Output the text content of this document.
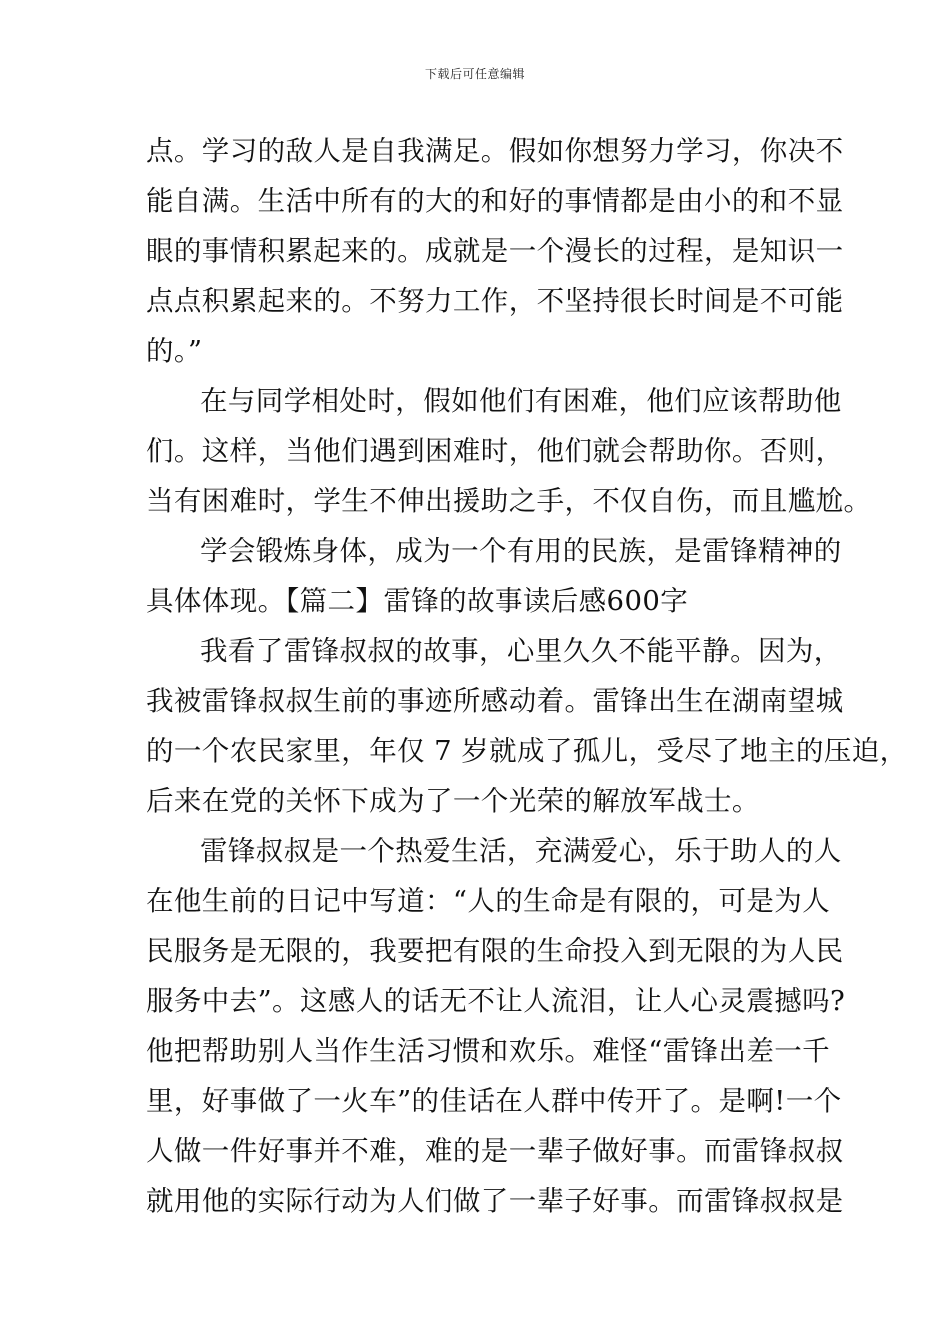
下载后可任意编辑
点。学习的敌人是自我满足。假如你想努力学习，你决不
能自满。生活中所有的大的和好的事情都是由小的和不显
眼的事情积累起来的。成就是一个漫长的过程，是知识一
点点积累起来的。不努力工作，不坚持很长时间是不可能
的。”
在与同学相处时，假如他们有困难，他们应该帮助他
们。这样，当他们遇到困难时，他们就会帮助你。否则，
当有困难时，学生不伸出援助之手，不仅自伤，而且尴尬。
学会锻炼身体，成为一个有用的民族，是雷锋精神的
具体体现。【篇二】雷锋的故事读后感600字
我看了雷锋叔叔的故事，心里久久不能平静。因为，
我被雷锋叔叔生前的事迹所感动着。雷锋出生在湖南望城
的一个农民家里，年仅 7 岁就成了孤儿，受尽了地主的压迫，
后来在党的关怀下成为了一个光荣的解放军战士。
雷锋叔叔是一个热爱生活，充满爱心，乐于助人的人
在他生前的日记中写道：“人的生命是有限的，可是为人
民服务是无限的，我要把有限的生命投入到无限的为人民
服务中去”。这感人的话无不让人流泪，让人心灵震撼吗?
他把帮助别人当作生活习惯和欢乐。难怪“雷锋出差一千
里，好事做了一火车”的佳话在人群中传开了。是啊!一个
人做一件好事并不难，难的是一辈子做好事。而雷锋叔叔
就用他的实际行动为人们做了一辈子好事。而雷锋叔叔是
